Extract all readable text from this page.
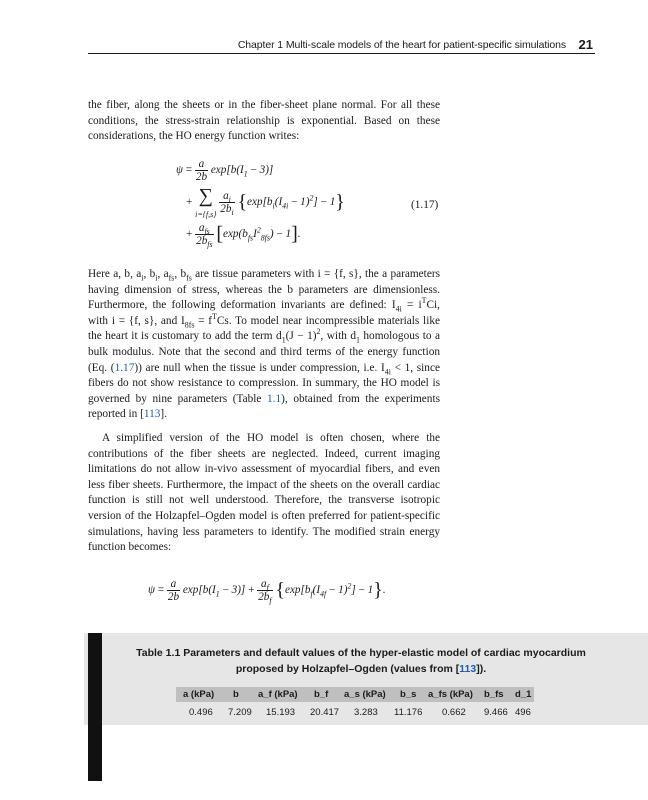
Chapter 1 Multi-scale models of the heart for patient-specific simulations 21

the fiber, along the sheets or in the fiber-sheet plane normal. For all these conditions, the stress-strain relationship is exponential. Based on these considerations, the HO energy function writes:

$\psi = \frac{a}{2b} \exp[b(I_1 - 3)]$
+ ∑
$i=\{f,s\} \frac{a_i}{2b_i} \{\exp[b_i(I_{4i} - 1)^2] - 1\}$
+ $\frac{a_{fs}}{2b_{fs}} [\exp(b_{fs}I^2_{8fs}) - 1]$.
(1.17)

Here a, b, $a_i$, $b_i$, $a_{fs}$, $b_{fs}$ are tissue parameters with i = {f, s}, the a parameters having dimension of stress, whereas the b parameters are dimensionless. Furthermore, the following deformation invariants are defined: $I_{4i} = i^TCi$, with i = {f, s}, and $I_{8fs} = f^TCs$. To model near incompressible materials like the heart it is customary to add the term $d_1(J - 1)^2$, with $d_1$ homologous to a bulk modulus. Note that the second and third terms of the energy function (Eq. (1.17)) are null when the tissue is under compression, i.e. $I_{4i} < 1$, since fibers do not show resistance to compression. In summary, the HO model is governed by nine parameters (Table 1.1), obtained from the experiments reported in [113].

A simplified version of the HO model is often chosen, where the contributions of the fiber sheets are neglected. Indeed, current imaging limitations do not allow in-vivo assessment of myocardial fibers, and even less fiber sheets. Furthermore, the impact of the sheets on the overall cardiac function is still not well understood. Therefore, the transverse isotropic version of the Holzapfel–Ogden model is often preferred for patient-specific simulations, having less parameters to identify. The modified strain energy function becomes:

$\psi = \frac{a}{2b} \exp[b(I_1 - 3)] + \frac{a_f}{2b_f} \{\exp[b_f(I_{4f} - 1)^2] - 1\}$.
Table 1.1 Parameters and default values of the hyper-elastic model of cardiac myocardium proposed by Holzapfel–Ogden (values from [113]).
a (kPa) b a_f (kPa) b_f a_s (kPa) b_s a_fs (kPa) b_fs d_1
0.496 7.209 15.193 20.417 3.283 11.176 0.662 9.466 496
